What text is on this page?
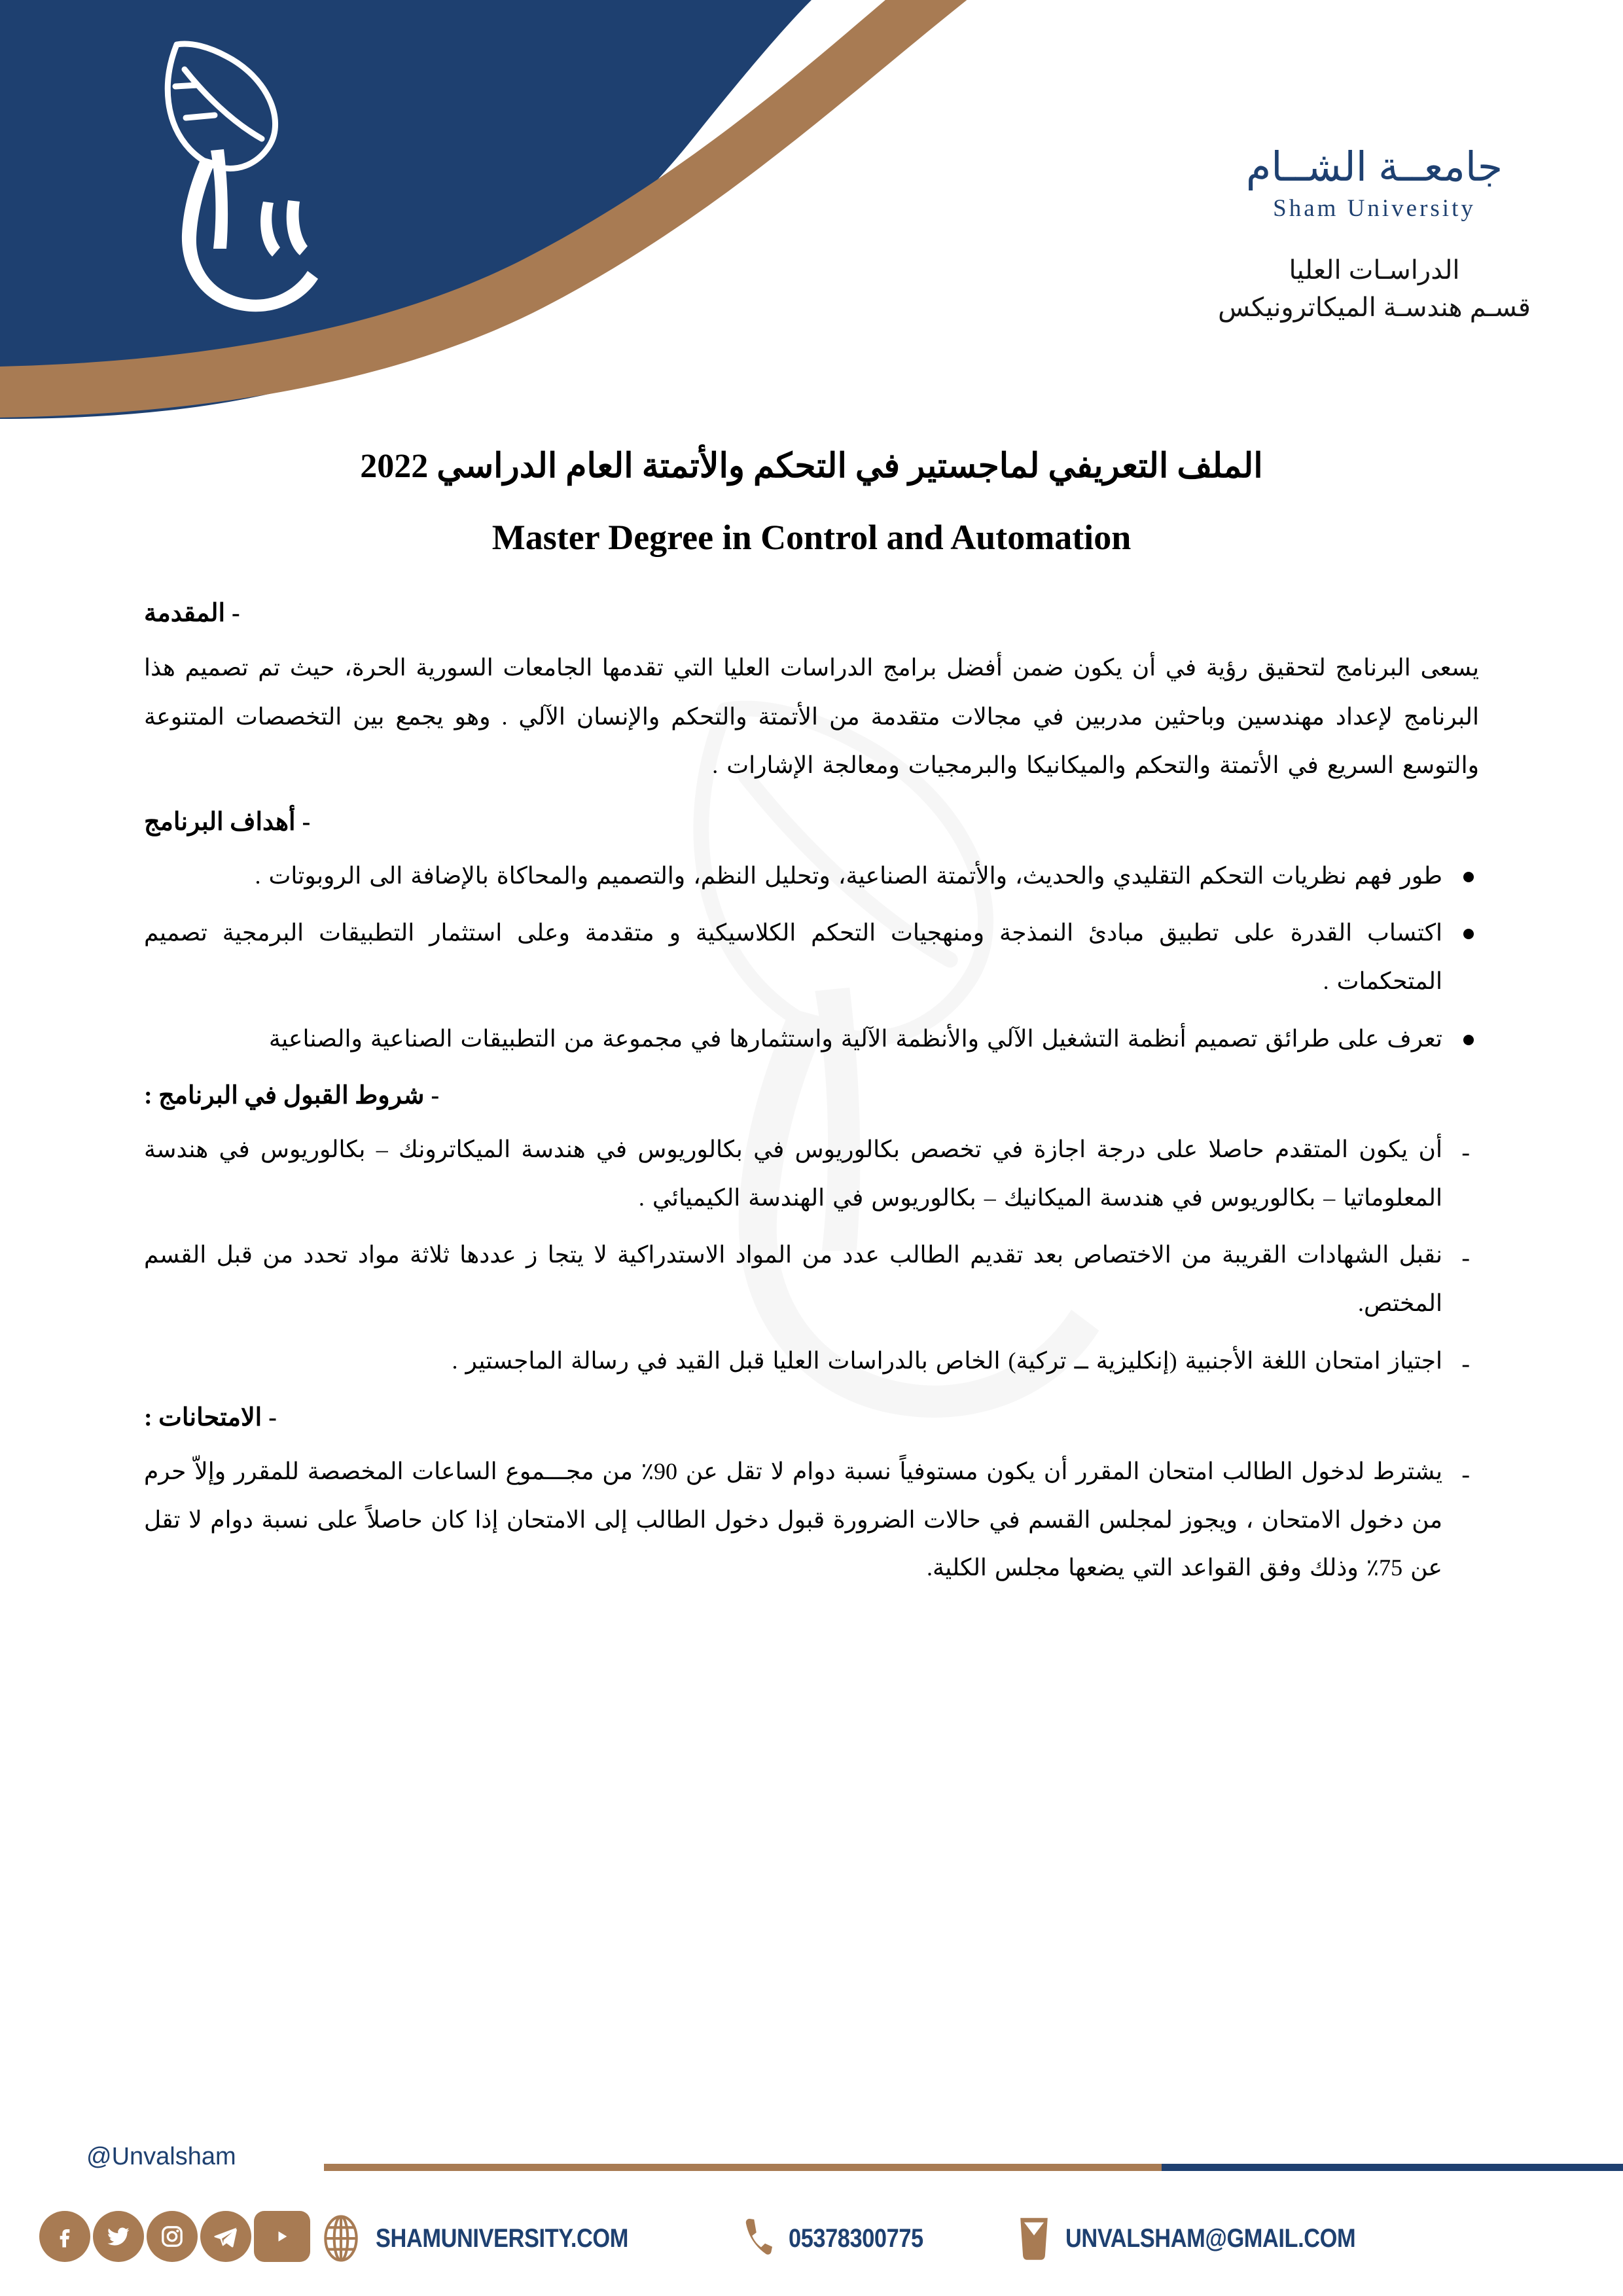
جامعــة الشــام
Sham University
الدراسـات العليا
قسـم هندسـة الميكاترونيكس
الملف التعريفي لماجستير في التحكم والأتمتة العام الدراسي 2022
Master Degree in Control and Automation
-المقدمة

يسعى البرنامج لتحقيق رؤية في أن يكون ضمن أفضل برامج الدراسات العليا التي تقدمها الجامعات السورية الحرة، حيث تم تصميم هذا البرنامج لإعداد مهندسين وباحثين مدربين في مجالات متقدمة من الأتمتة والتحكم والإنسان الآلي . وهو يجمع بين التخصصات المتنوعة والتوسع السريع في الأتمتة والتحكم والميكانيكا والبرمجيات ومعالجة الإشارات .

-أهداف البرنامج
طور فهم نظريات التحكم التقليدي والحديث، والأتمتة الصناعية، وتحليل النظم، والتصميم والمحاكاة بالإضافة الى الروبوتات .
اكتساب القدرة على تطبيق مبادئ النمذجة ومنهجيات التحكم الكلاسيكية و متقدمة وعلى استثمار التطبيقات البرمجية تصميم المتحكمات .
تعرف على طرائق تصميم أنظمة التشغيل الآلي والأنظمة الآلية واستثمارها في مجموعة من التطبيقات الصناعية والصناعية
-شروط القبول في البرنامج :
- أن يكون المتقدم حاصلا على درجة اجازة في تخصص بكالوريوس في بكالوريوس في هندسة الميكاترونك – بكالوريوس في هندسة المعلوماتيا – بكالوريوس في هندسة الميكانيك – بكالوريوس في الهندسة الكيميائي .
- نقبل الشهادات القريبة من الاختصاص بعد تقديم الطالب عدد من المواد الاستدراكية لا يتجا ز عددها ثلاثة مواد تحدد من قبل القسم المختص.
- اجتياز امتحان اللغة الأجنبية (إنكليزية ــ تركية) الخاص بالدراسات العليا قبل القيد في رسالة الماجستير .
-الامتحانات :
- يشترط لدخول الطالب امتحان المقرر أن يكون مستوفياً نسبة دوام لا تقل عن 90٪ من مجـــموع الساعات المخصصة للمقرر وإلاّ حرم من دخول الامتحان ، ويجوز لمجلس القسم في حالات الضرورة قبول دخول الطالب إلى الامتحان إذا كان حاصلاً على نسبة دوام لا تقل عن 75٪ وذلك وفق القواعد التي يضعها مجلس الكلية.
@Unvalsham
SHAMUNIVERSITY.COM	05378300775	UNVALSHAM@GMAIL.COM
